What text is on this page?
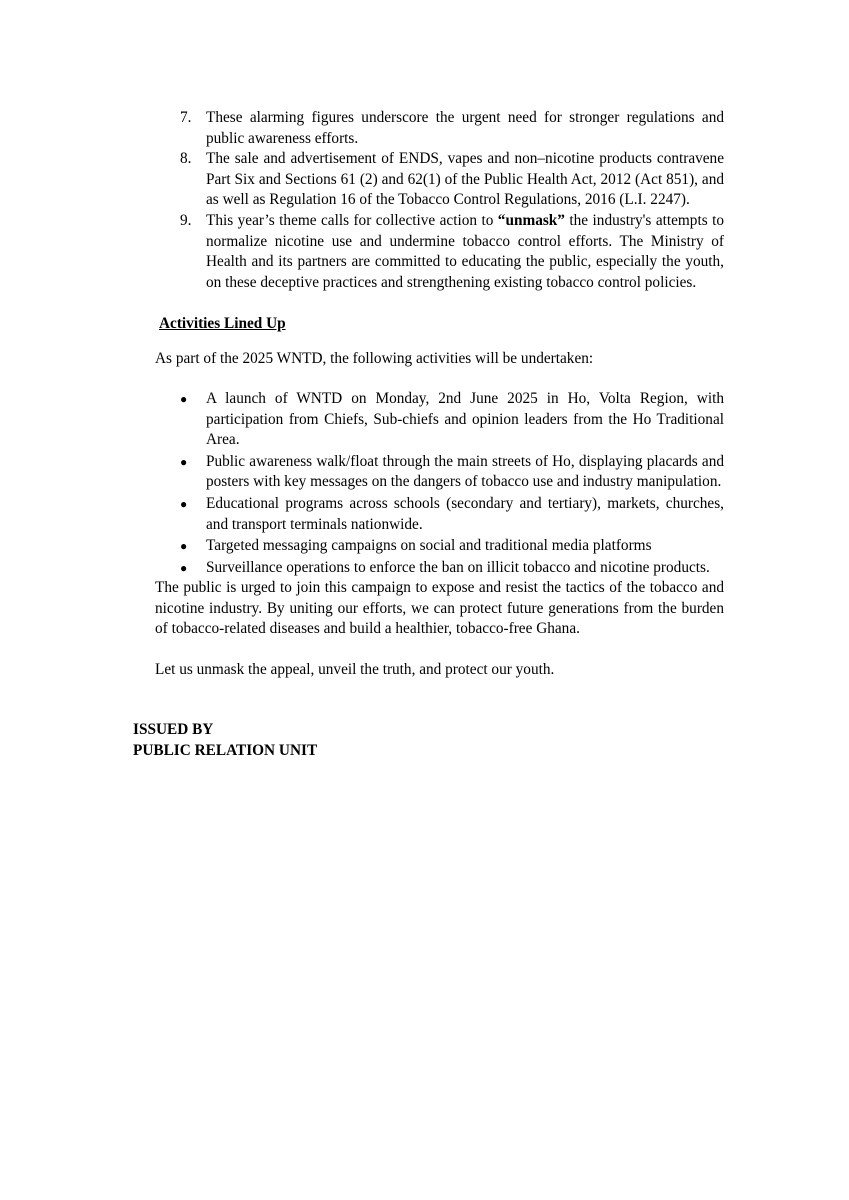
7. These alarming figures underscore the urgent need for stronger regulations and public awareness efforts.
8. The sale and advertisement of ENDS, vapes and non–nicotine products contravene Part Six and Sections 61 (2) and 62(1) of the Public Health Act, 2012 (Act 851), and as well as Regulation 16 of the Tobacco Control Regulations, 2016 (L.I. 2247).
9. This year’s theme calls for collective action to “unmask” the industry's attempts to normalize nicotine use and undermine tobacco control efforts. The Ministry of Health and its partners are committed to educating the public, especially the youth, on these deceptive practices and strengthening existing tobacco control policies.
Activities Lined Up

As part of the 2025 WNTD, the following activities will be undertaken:

●	A launch of WNTD on Monday, 2nd June 2025 in Ho, Volta Region, with participation from Chiefs, Sub-chiefs and opinion leaders from the Ho Traditional Area.
●	Public awareness walk/float through the main streets of Ho, displaying placards and posters with key messages on the dangers of tobacco use and industry manipulation.
●	Educational programs across schools (secondary and tertiary), markets, churches, and transport terminals nationwide.
●	Targeted messaging campaigns on social and traditional media platforms
●	Surveillance operations to enforce the ban on illicit tobacco and nicotine products.

The public is urged to join this campaign to expose and resist the tactics of the tobacco and nicotine industry. By uniting our efforts, we can protect future generations from the burden of tobacco-related diseases and build a healthier, tobacco-free Ghana.

Let us unmask the appeal, unveil the truth, and protect our youth.

ISSUED BY
PUBLIC RELATION UNIT
